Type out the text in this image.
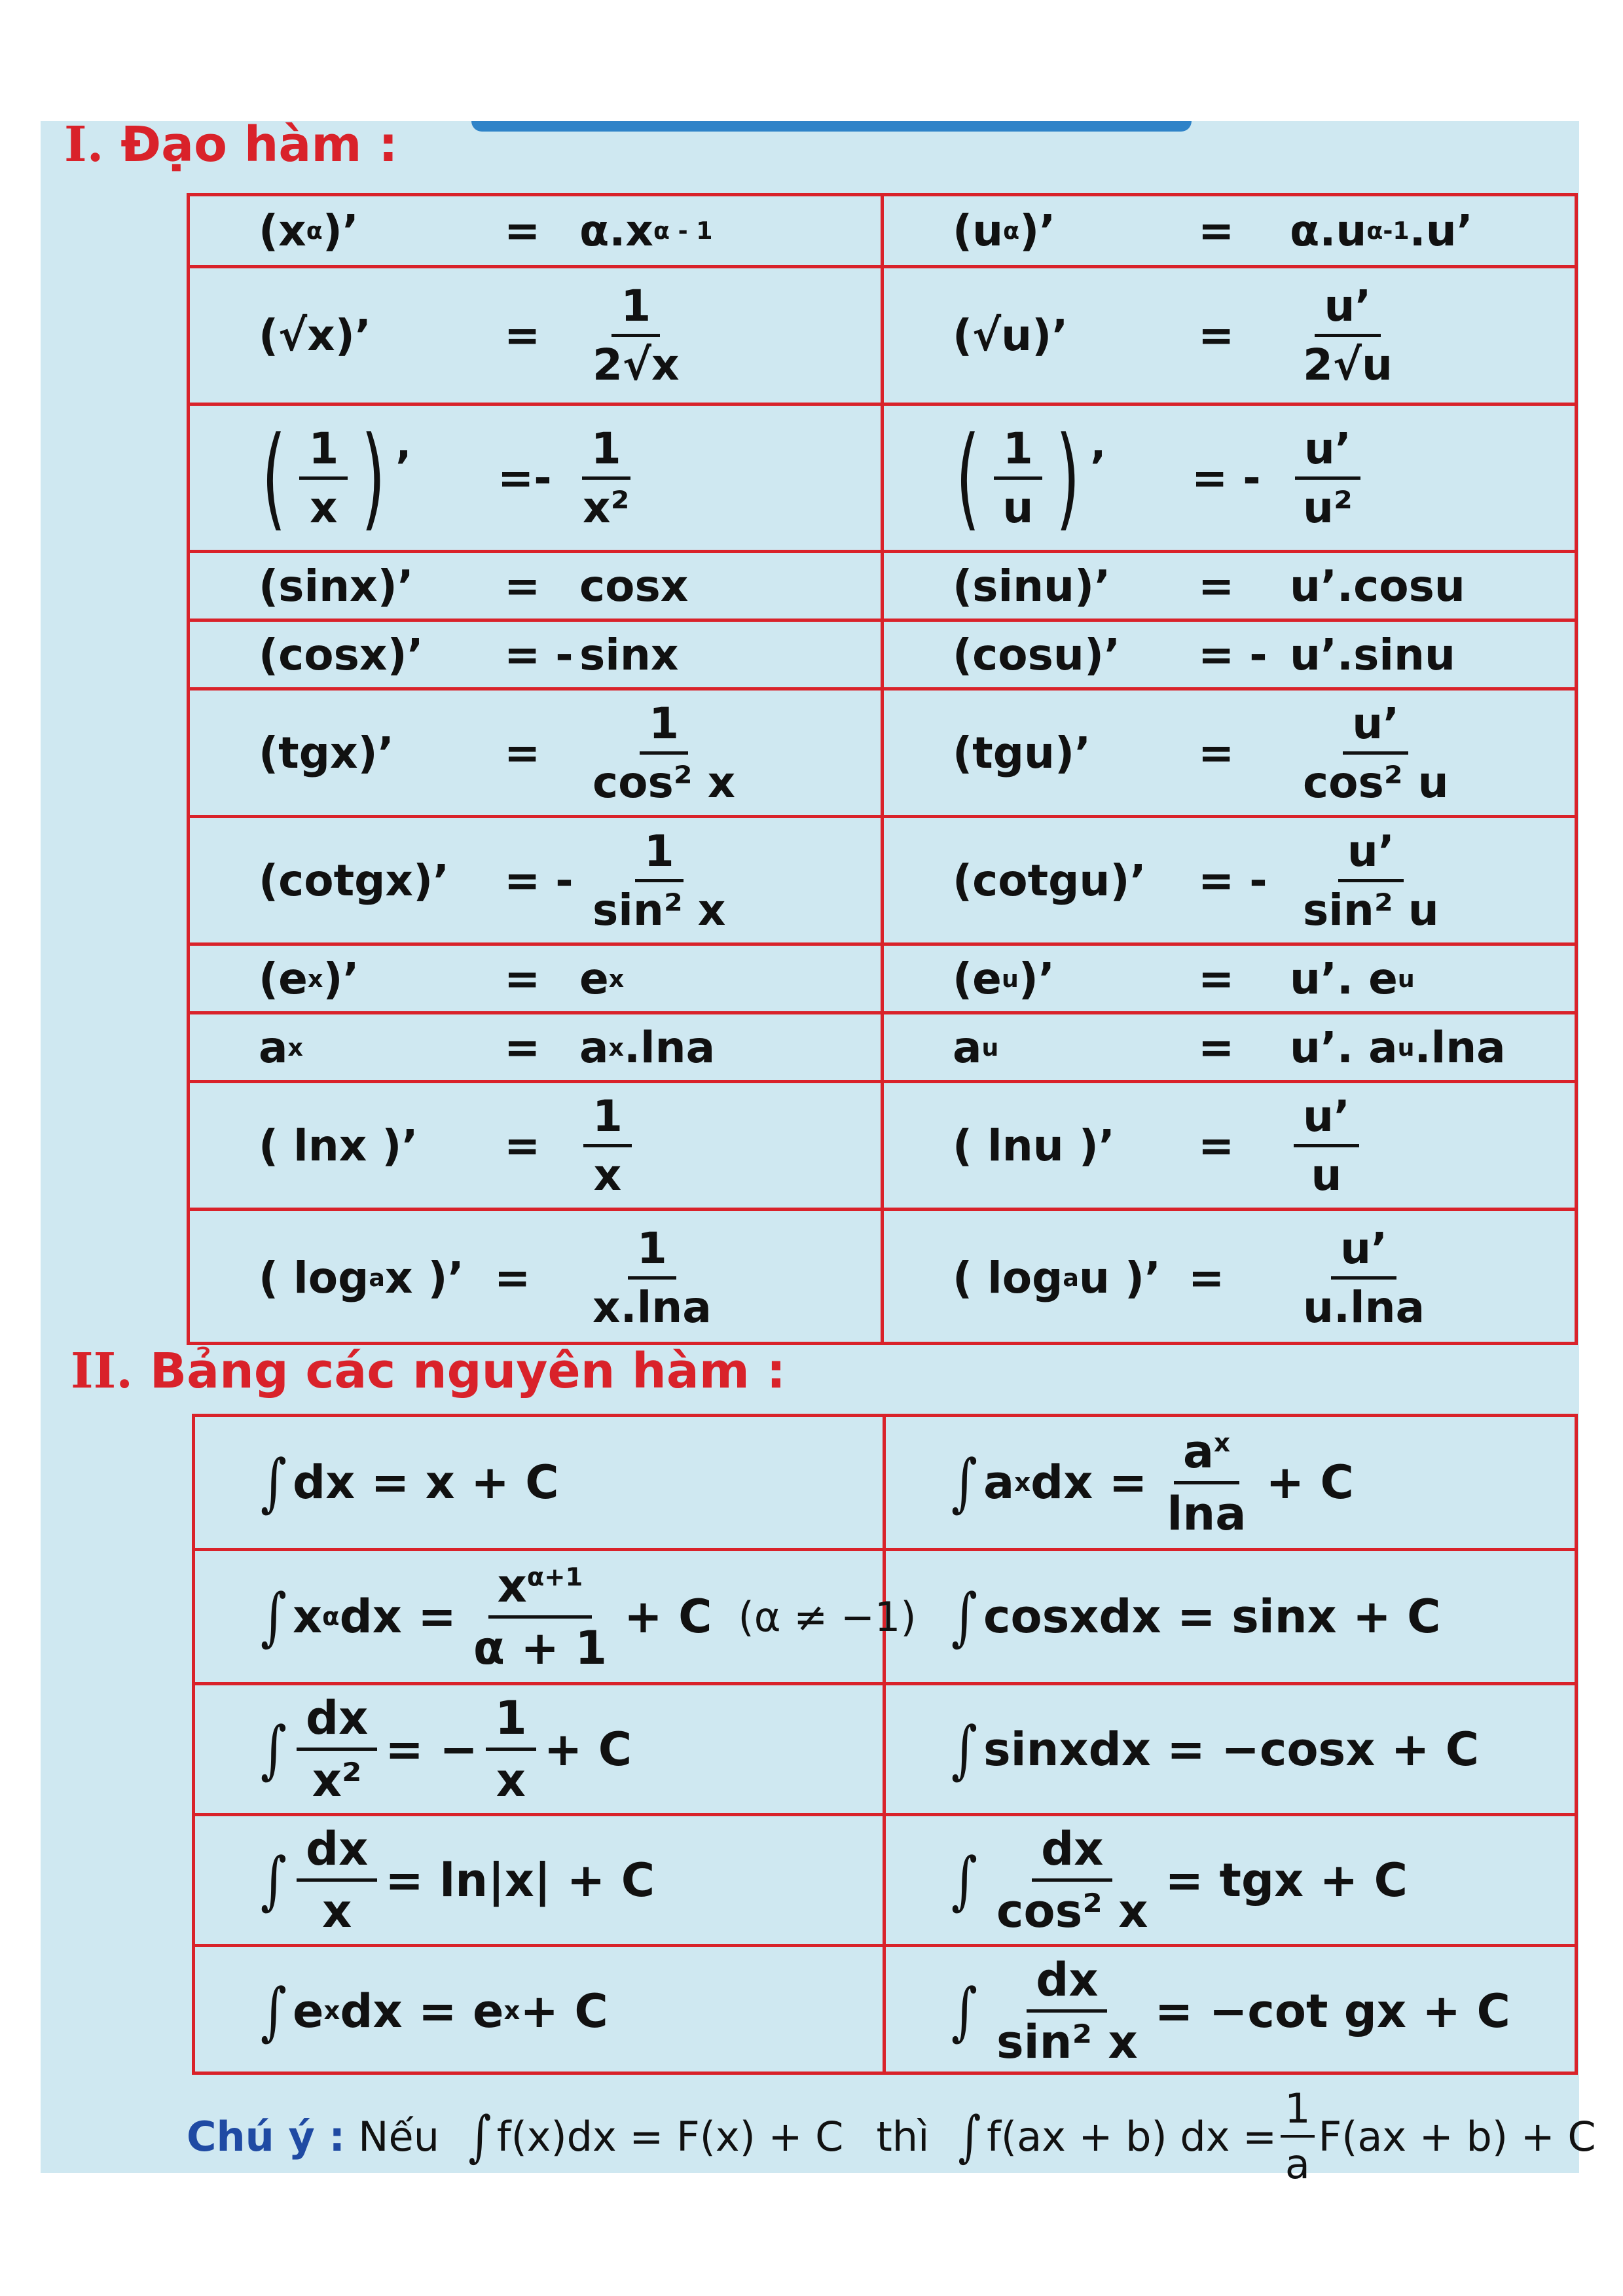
I. Đạo hàm :
(x α )’	= α.x α - 1	(u α )’	= α.u α-1 .u’
(√x)’	= $\frac{1}{2√x}$	(√u)’	= $\frac{u’}{2√u}$
( $\frac{1}{x}$ ) ’ =- $\frac{1}{\text{x²}}$	( $\frac{1}{u}$ ) ’ = - $\frac{u’}{\text{u²}}$
(sinx)’ = cosx	(sinu)’ = u’.cosu
(cosx)’ = - sinx	(cosu)’ = - u’.sinu
(tgx)’	= $\frac{1}{\text{cos² x}}$	(tgu)’ = $\frac{u’}{\text{cos² u}}$
(cotgx)’ = - $\frac{1}{\text{sin² x}}$	(cotgu)’ = - $\frac{u’}{\text{sin² u}}$
(e x )’	= e x	(e u )’	= u’. e u
a x	= a x .lna	a u	= u’. a u .lna
( lnx )’ = $\frac{1}{x}$	( lnu )’ = $\frac{u’}{u}$
( log a x )’ = $\frac{1}{x.\ln a}$	( log a u )’ = $\frac{u’}{u.\ln a}$
II. Bảng các nguyên hàm :
∫ dx = x + C	∫ a x dx = $\frac{a^x}{\ln a} + C$
∫ x α dx = $\frac{x^{\alpha+1}}{\alpha + 1} + C$ (α ≠ −1) ∫ cosxdx = sinx + C
∫ $\frac{dx}{\text{x²}}$ = − $\frac{1}{x} + C$	∫ sinxdx = −cosx + C
∫ $\frac{dx}{x} = \ln|x| + C$	∫ $\frac{dx}{\text{cos² x}}$ = tgx + C
∫ e x dx = e x + C	∫ $\frac{dx}{\text{sin² x}} = -\cot$ gx + C
Chú ý : Nếu ∫ f(x)dx = F(x) + C thì ∫ f(ax + b) dx = $\frac{1}{a} F(ax + b) + C$
